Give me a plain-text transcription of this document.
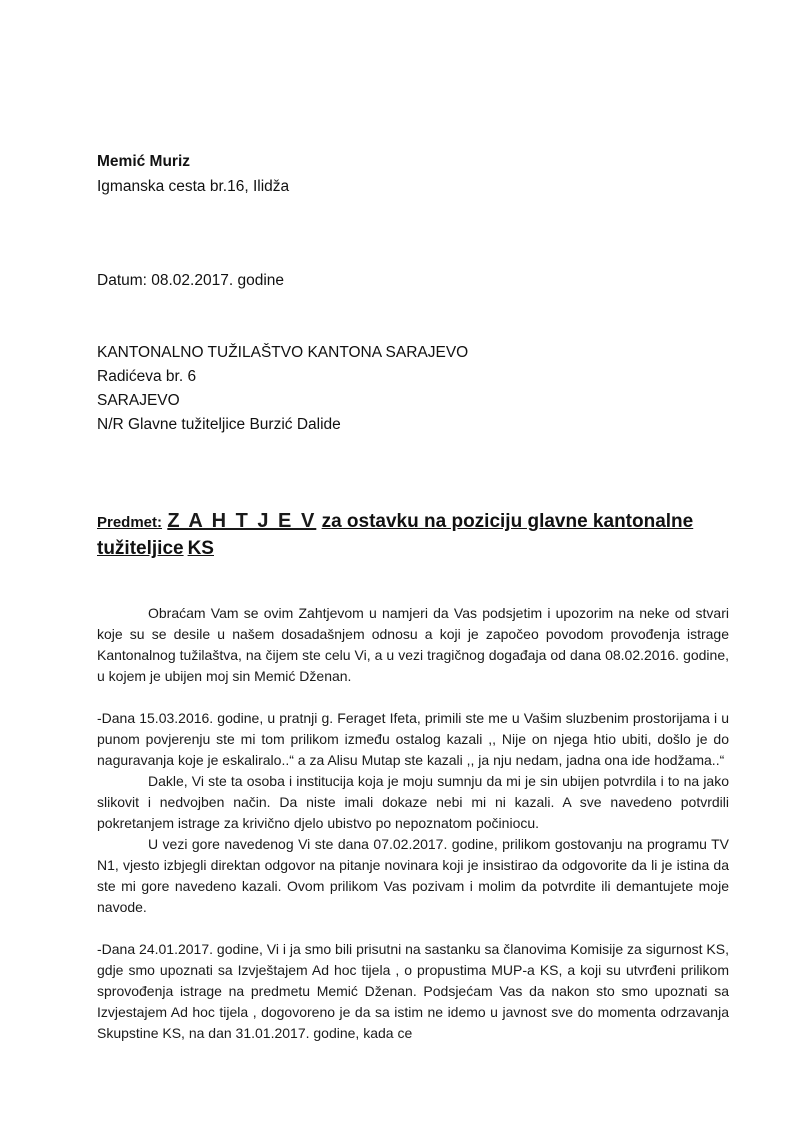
Memić Muriz
Igmanska cesta br.16, Ilidža
Datum: 08.02.2017. godine
KANTONALNO TUŽILAŠTVO KANTONA SARAJEVO
Radićeva br. 6
SARAJEVO
N/R Glavne tužiteljice Burzić Dalide
Predmet: Z A H T J E V za ostavku na poziciju glavne kantonalne tužiteljice KS

Obraćam Vam se ovim Zahtjevom u namjeri da Vas podsjetim i upozorim na neke od stvari koje su se desile u našem dosadašnjem odnosu a koji je započeo povodom provođenja istrage Kantonalnog tužilaštva, na čijem ste celu Vi, a u vezi tragičnog događaja od dana 08.02.2016. godine, u kojem je ubijen moj sin Memić Dženan.

-Dana 15.03.2016. godine, u pratnji g. Feraget Ifeta, primili ste me u Vašim sluzbenim prostorijama i u punom povjerenju ste mi tom prilikom između ostalog kazali ,, Nije on njega htio ubiti, došlo je do naguravanja koje je eskaliralo..“ a za Alisu Mutap ste kazali ,, ja nju nedam, jadna ona ide hodžama..“

Dakle, Vi ste ta osoba i institucija koja je moju sumnju da mi je sin ubijen potvrdila i to na jako slikovit i nedvojben način. Da niste imali dokaze nebi mi ni kazali. A sve navedeno potvrdili pokretanjem istrage za krivično djelo ubistvo po nepoznatom počiniocu.

U vezi gore navedenog Vi ste dana 07.02.2017. godine, prilikom gostovanju na programu TV N1, vjesto izbjegli direktan odgovor na pitanje novinara koji je insistirao da odgovorite da li je istina da ste mi gore navedeno kazali. Ovom prilikom Vas pozivam i molim da potvrdite ili demantujete moje navode.

-Dana 24.01.2017. godine, Vi i ja smo bili prisutni na sastanku sa članovima Komisije za sigurnost KS, gdje smo upoznati sa Izvještajem Ad hoc tijela , o propustima MUP-a KS, a koji su utvrđeni prilikom sprovođenja istrage na predmetu Memić Dženan. Podsjećam Vas da nakon sto smo upoznati sa Izvjestajem Ad hoc tijela , dogovoreno je da sa istim ne idemo u javnost sve do momenta odrzavanja Skupstine KS, na dan 31.01.2017. godine, kada ce
